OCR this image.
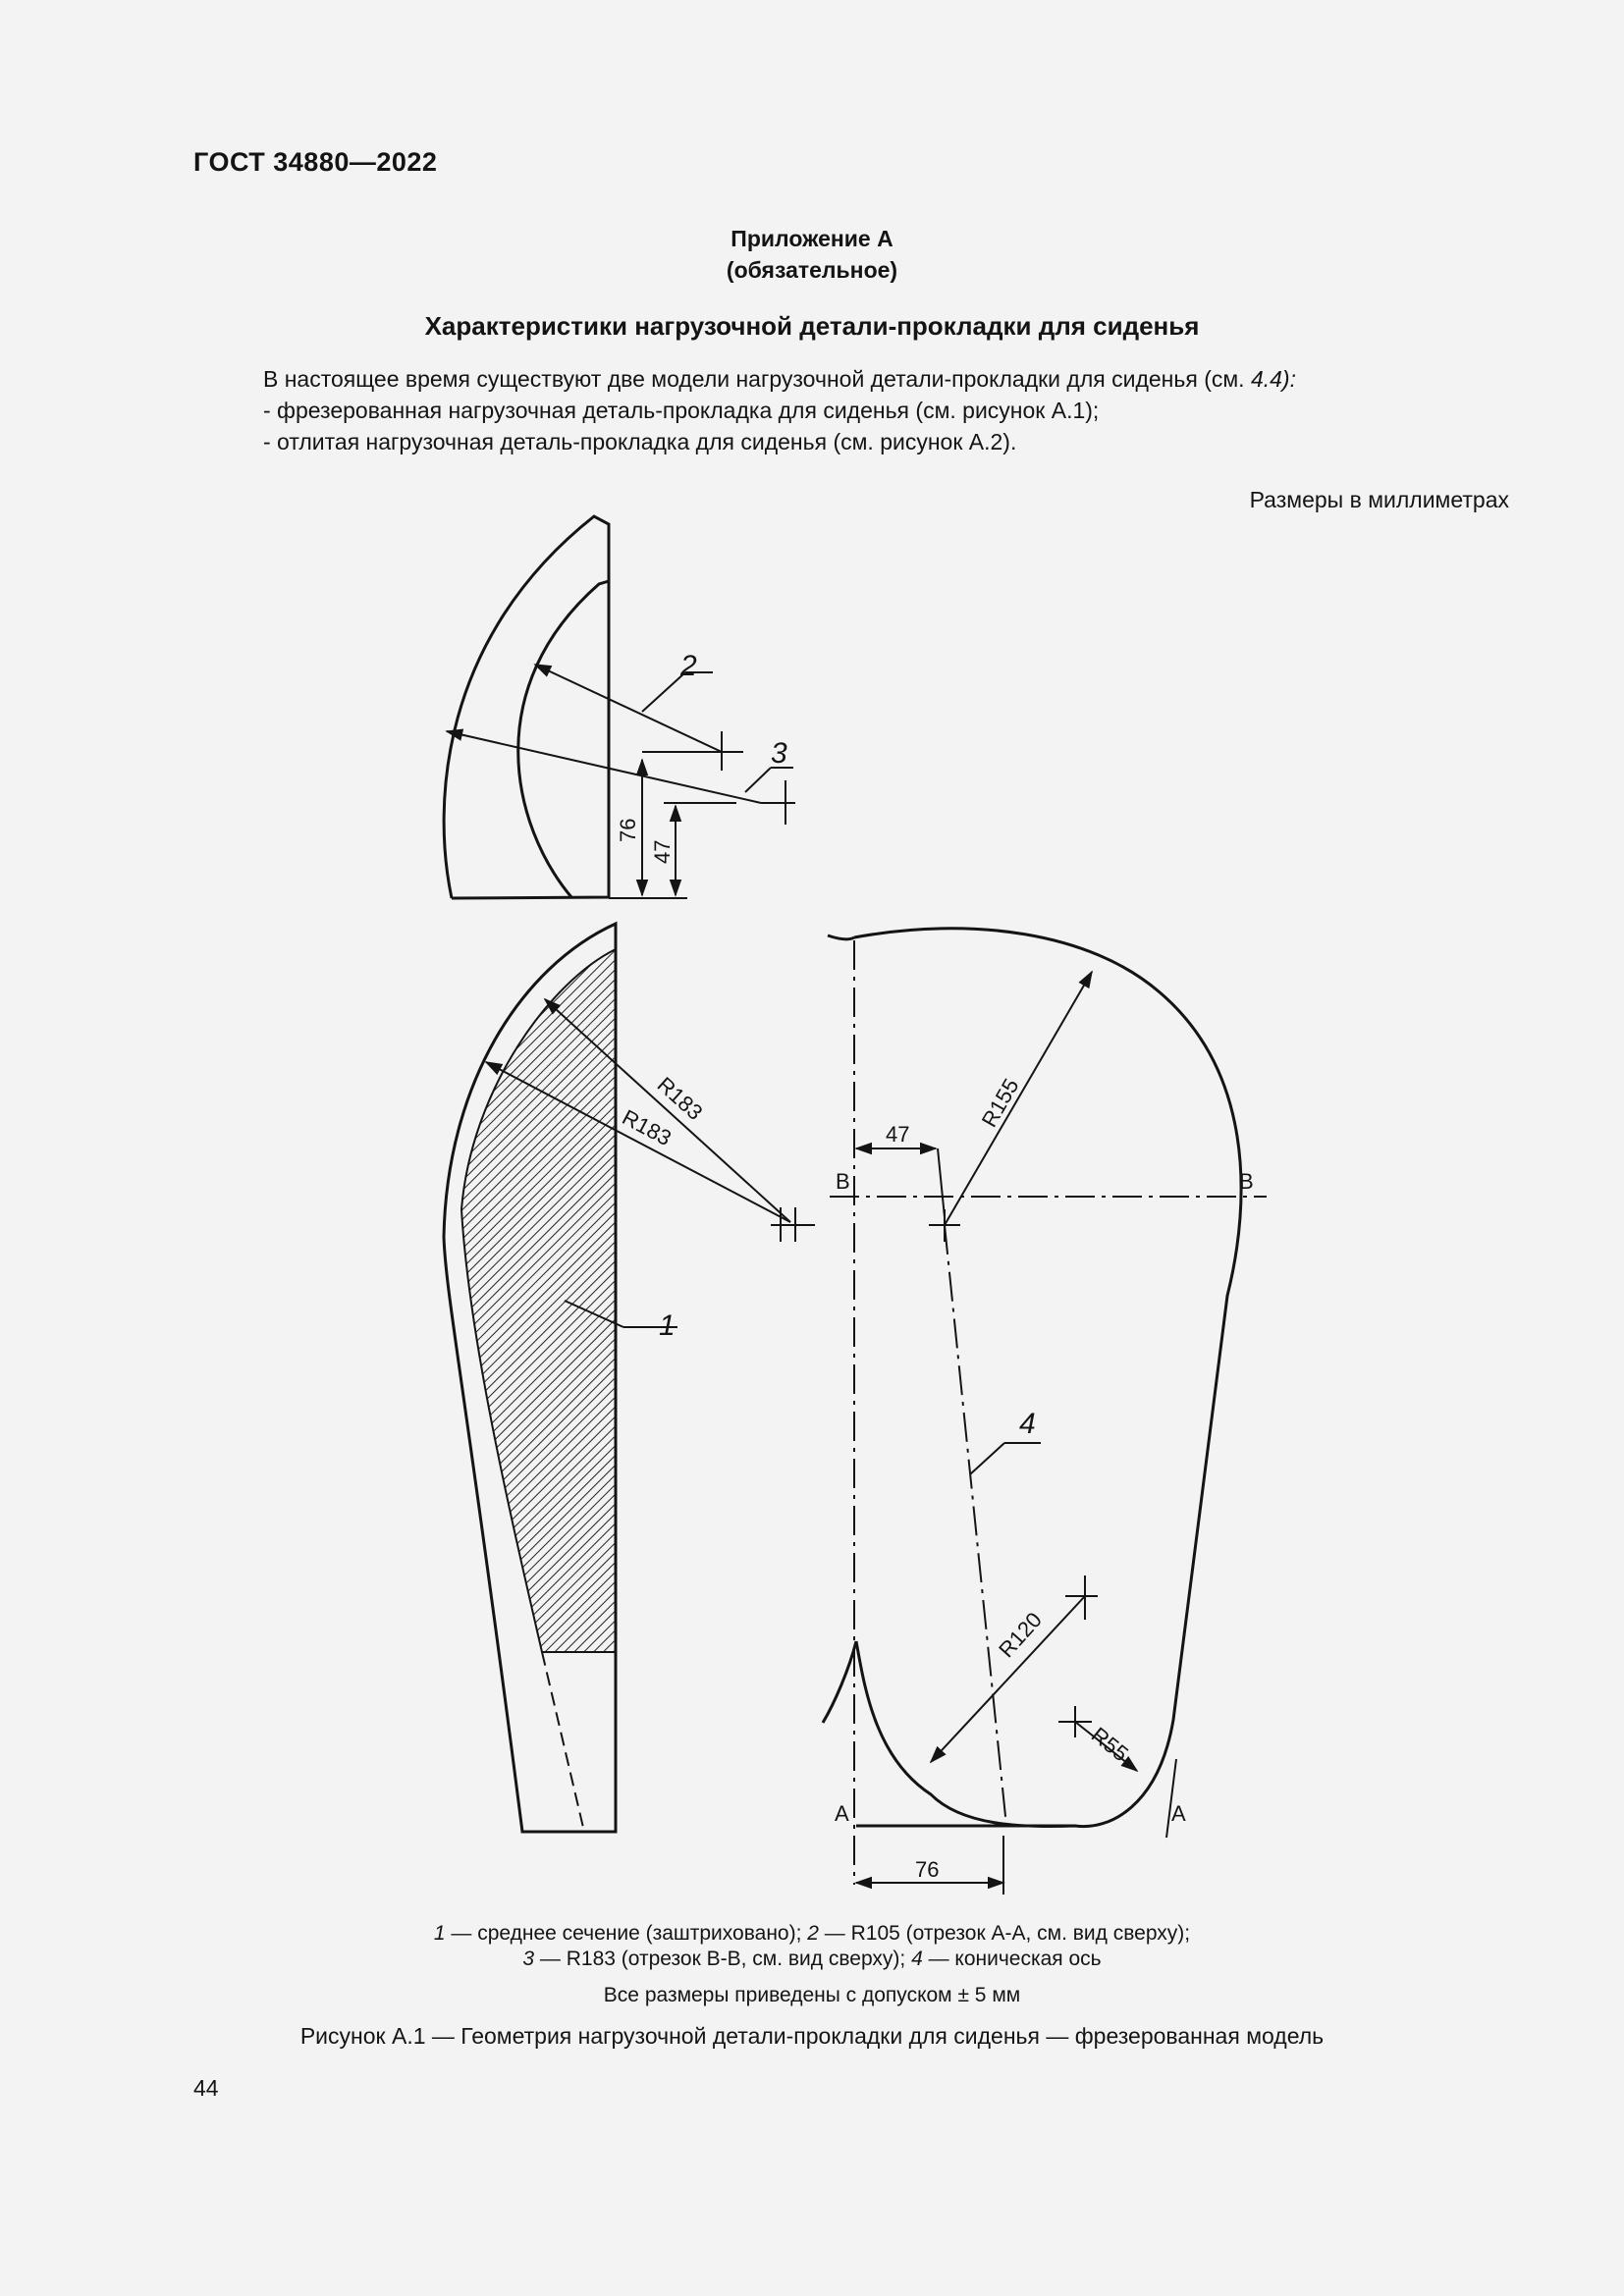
ГОСТ 34880—2022
Приложение А
(обязательное)
Характеристики нагрузочной детали-прокладки для сиденья
В настоящее время существуют две модели нагрузочной детали-прокладки для сиденья (см. 4.4):
- фрезерованная нагрузочная деталь-прокладка для сиденья (см. рисунок А.1);
- отлитая нагрузочная деталь-прокладка для сиденья (см. рисунок А.2).
Размеры в миллиметрах
2
3
1
4
76
47
R183
R183	47
R155
R120
R55
76
B	B
A	A
1 — среднее сечение (заштриховано); 2 — R105 (отрезок А-А, см. вид сверху);
3 — R183 (отрезок В-В, см. вид сверху); 4 — коническая ось
Все размеры приведены с допуском ± 5 мм
Рисунок А.1 — Геометрия нагрузочной детали-прокладки для сиденья — фрезерованная модель
44
